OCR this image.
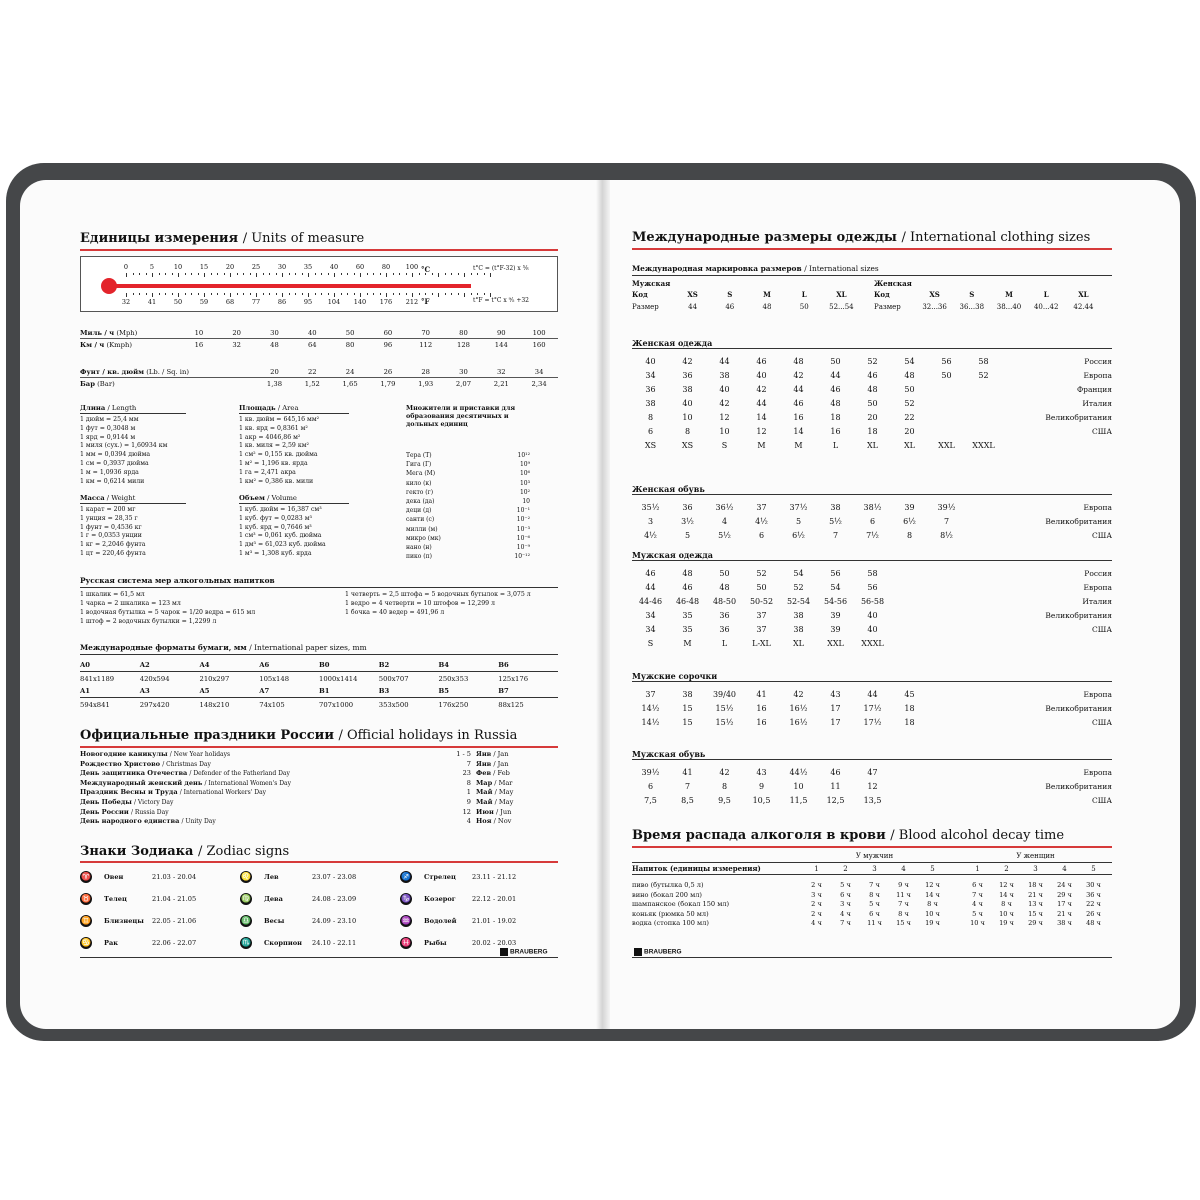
Единицы измерения / Units of measure
0	5	10	15	20	25	30	35	40	60	80	100
32	41	50	59	68	77	86	95	104 140 176 212
°C
°F
t°C = (t°F-32) x ⅝
t°F = t°C x ⁹⁄₅ +32
Миль / ч (Mph)	10	20	30	40	50	60	70	80	90	100
Км / ч (Kmph)	16	32	48	64	80	96	112	128	144	160
Фунт / кв. дюйм (Lb. / Sq. in)	20	22	24	26	28	30	32	34
Бар (Bar)	1,38	1,52	1,65	1,79	1,93	2,07	2,21	2,34
Длина / Length
1 дюйм = 25,4 мм
1 фут = 0,3048 м
1 ярд = 0,9144 м
1 миля (сух.) = 1,60934 км
1 мм = 0,0394 дюйма
1 см = 0,3937 дюйма
1 м = 1,0936 ярда
1 км = 0,6214 мили
Масса / Weight
1 карат = 200 мг
1 унция = 28,35 г
1 фунт = 0,4536 кг
1 г = 0,0353 унции
1 кг = 2,2046 фунта
1 цт = 220,46 фунта
Площадь / Area
1 кв. дюйм = 645,16 мм²
1 кв. ярд = 0,8361 м²
1 акр = 4046,86 м²
1 кв. миля = 2,59 км²
1 см² = 0,155 кв. дюйма
1 м² = 1,196 кв. ярда
1 га = 2,471 акра
1 км² = 0,386 кв. мили
Объем / Volume
1 куб. дюйм = 16,387 см³
1 куб. фут = 0,0283 м³
1 куб. ярд = 0,7646 м³
1 см³ = 0,061 куб. дюйма
1 дм³ = 61,023 куб. дюйма
1 м³ = 1,308 куб. ярда
Множители и приставки для образования десятичных и дольных единиц
Тера (Т)	10¹²
Гига (Г)	10⁹
Мега (М)	10⁶
кило (к)	10³
гекто (г)	10²
дека (да)	10
деци (д)	10⁻¹
санти (с)	10⁻²
милли (м)	10⁻³
микро (мк)	10⁻⁶
нано (н)	10⁻⁹
пико (п)	10⁻¹²
Русская система мер алкогольных напитков
1 шкалик = 61,5 мл
1 чарка = 2 шкалика = 123 мл
1 водочная бутылка = 5 чарок = 1/20 ведра = 615 мл
1 штоф = 2 водочных бутылки = 1,2299 л
1 четверть = 2,5 штофа = 5 водочных бутылок = 3,075 л
1 ведро = 4 четверти = 10 штофов = 12,299 л
1 бочка = 40 ведер = 491,96 л
Международные форматы бумаги, мм / International paper sizes, mm
A0	A2	A4	A6	B0	B2	B4	B6
841x1189	420x594	210x297	105x148	1000x1414	500x707	250x353	125x176
A1	A3	A5	A7	B1	B3	B5	B7
594x841	297x420	148x210	74x105	707x1000	353x500	176x250	88x125
Официальные праздники России / Official holidays in Russia
Новогодние каникулы / New Year holidays	1 - 5 Янв / Jan
Рождество Христово / Christmas Day	7 Янв / Jan
День защитника Отечества / Defender of the Fatherland Day	23 Фев / Feb
Международный женский день / International Women's Day	8 Мар / Mar
Праздник Весны и Труда / International Workers' Day	1 Май / May
День Победы / Victory Day	9 Май / May
День России / Russia Day	12 Июн / Jun
День народного единства / Unity Day	4 Ноя / Nov
Знаки Зодиака / Zodiac signs
♈ Овен	21.03 - 20.04	♌ Лев	23.07 - 23.08	♐ Стрелец	23.11 - 21.12
♉ Телец	21.04 - 21.05	♍ Дева	24.08 - 23.09	♑ Козерог	22.12 - 20.01
♊ Близнецы	22.05 - 21.06	♎ Весы	24.09 - 23.10	♒ Водолей	21.01 - 19.02
♋ Рак	22.06 - 22.07	♏ Скорпион	24.10 - 22.11	♓ Рыбы	20.02 - 20.03
BRAUBERG
Международные размеры одежды / International clothing sizes
Международная маркировка размеров / International sizes
Мужская
Код	XS	S	M	L	XL
Размер	44	46	48	50	52...54
Женская
Код	XS	S	M	L	XL
Размер	32...36	36...38	38...40	40...42	42.44
Женская одежда
40	42	44	46	48	50	52	54	56	58	Россия
34	36	38	40	42	44	46	48	50	52	Европа
36	38	40	42	44	46	48	50	Франция
38	40	42	44	46	48	50	52	Италия
8	10	12	14	16	18	20	22	Великобритания
6	8	10	12	14	16	18	20	США
XS	XS	S	M	M	L	XL	XL	XXL	XXXL
Женская обувь
35½	36	36½	37	37½	38	38½	39	39½	Европа
3	3½	4	4½	5	5½	6	6½	7	Великобритания
4½	5	5½	6	6½	7	7½	8	8½	США
Мужская одежда
46	48	50	52	54	56	58	Россия
44	46	48	50	52	54	56	Европа
44-46	46-48	48-50	50-52	52-54	54-56	56-58	Италия
34	35	36	37	38	39	40	Великобритания
34	35	36	37	38	39	40	США
S	M	L	L-XL	XL	XXL	XXXL
Мужские сорочки
37	38	39/40	41	42	43	44	45	Европа
14½	15	15½	16	16½	17	17½	18	Великобритания
14½	15	15½	16	16½	17	17½	18	США
Мужская обувь
39½	41	42	43	44½	46	47	Европа
6	7	8	9	10	11	12	Великобритания
7,5	8,5	9,5	10,5	11,5	12,5	13,5	США
Время распада алкоголя в крови / Blood alcohol decay time
У мужчин	У женщин
Напиток (единицы измерения)	1	2	3	4	5	1	2	3	4	5
пиво (бутылка 0,5 л)	2 ч	5 ч	7 ч	9 ч	12 ч	6 ч	12 ч	18 ч	24 ч	30 ч
вино (бокал 200 мл)	3 ч	6 ч	8 ч	11 ч	14 ч	7 ч	14 ч	21 ч	29 ч	36 ч
шампанское (бокал 150 мл)	2 ч	3 ч	5 ч	7 ч	8 ч	4 ч	8 ч	13 ч	17 ч	22 ч
коньяк (рюмка 50 мл)	2 ч	4 ч	6 ч	8 ч	10 ч	5 ч	10 ч	15 ч	21 ч	26 ч
водка (стопка 100 мл)	4 ч	7 ч	11 ч	15 ч	19 ч	10 ч	19 ч	29 ч	38 ч	48 ч
BRAUBERG
